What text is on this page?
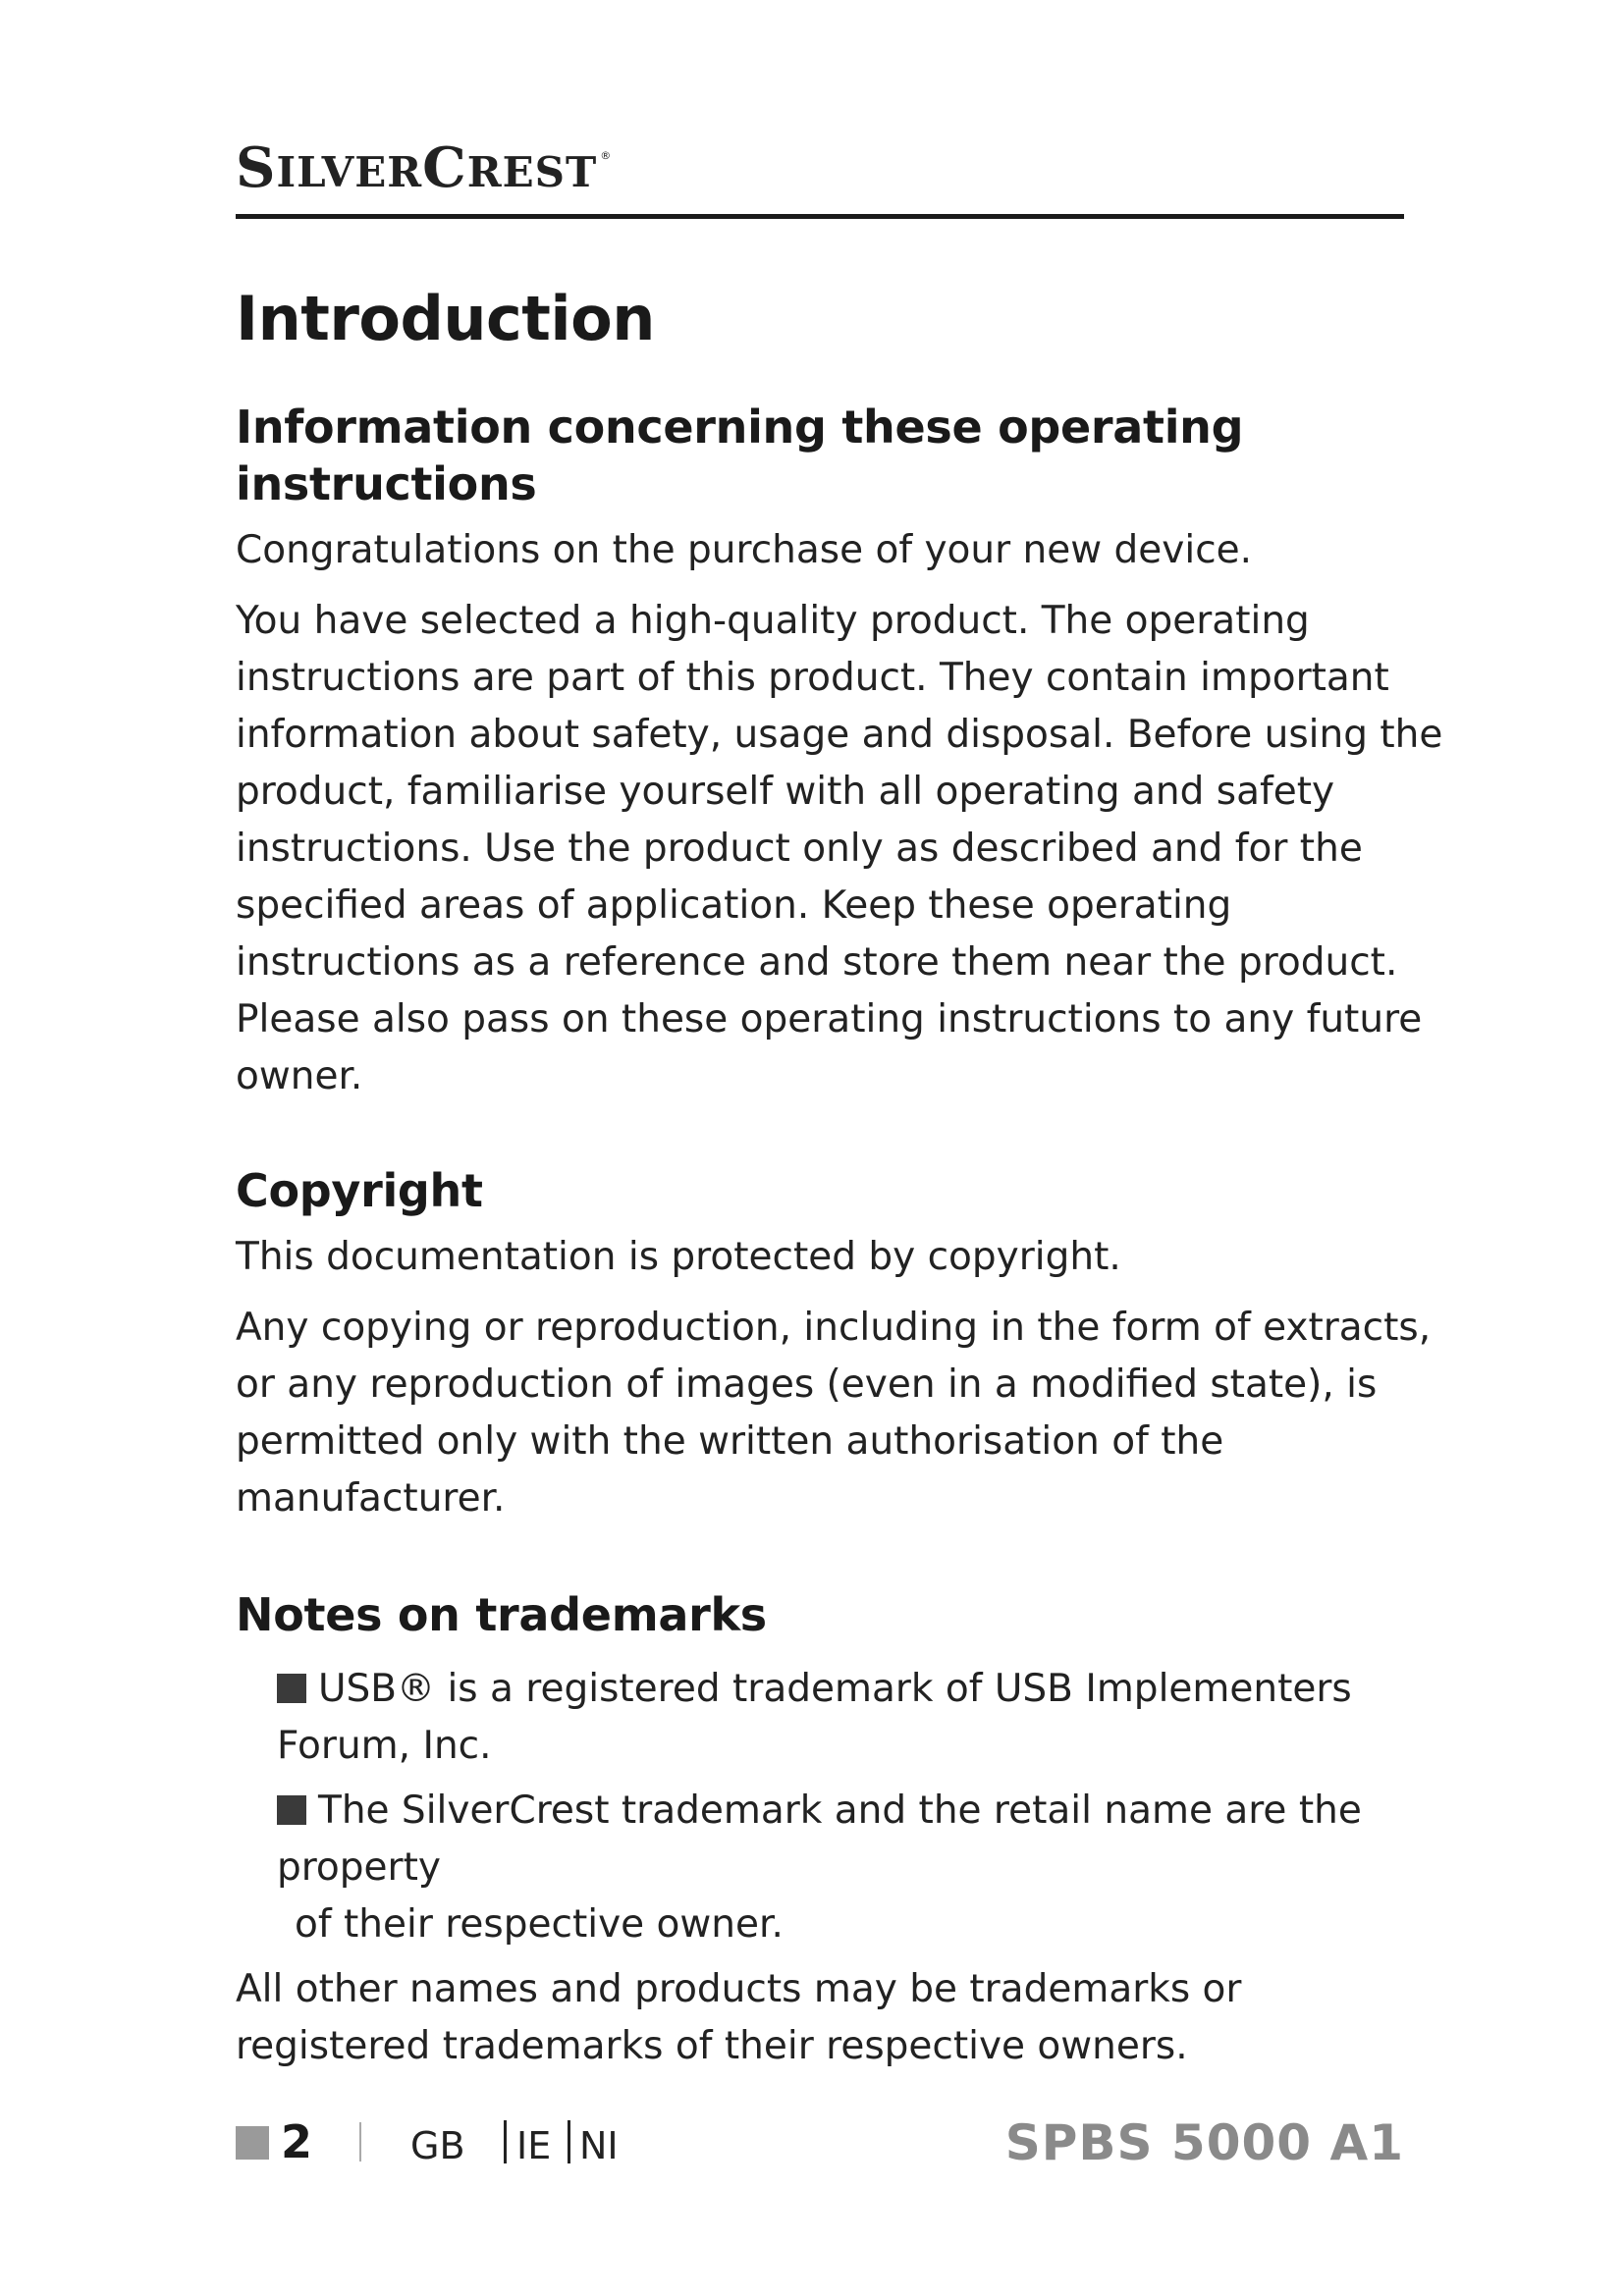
SILVERCREST ®
Introduction
Information concerning these operating instructions

Congratulations on the purchase of your new device.

You have selected a high-quality product. The operating instructions are part of this product. They contain important information about safety, usage and disposal. Before using the product, familiarise yourself with all operating and safety instructions. Use the product only as described and for the specified areas of application. Keep these operating instructions as a reference and store them near the product. Please also pass on these operating instructions to any future owner.

Copyright

This documentation is protected by copyright.

Any copying or reproduction, including in the form of extracts, or any reproduction of images (even in a modified state), is permitted only with the written authorisation of the manufacturer.

Notes on trademarks
USB® is a registered trademark of USB Implementers Forum, Inc.
The SilverCrest trademark and the retail name are the property
of their respective owner.

All other names and products may be trademarks or registered trademarks of their respective owners.

2	GB IE NI	SPBS 5000 A1
